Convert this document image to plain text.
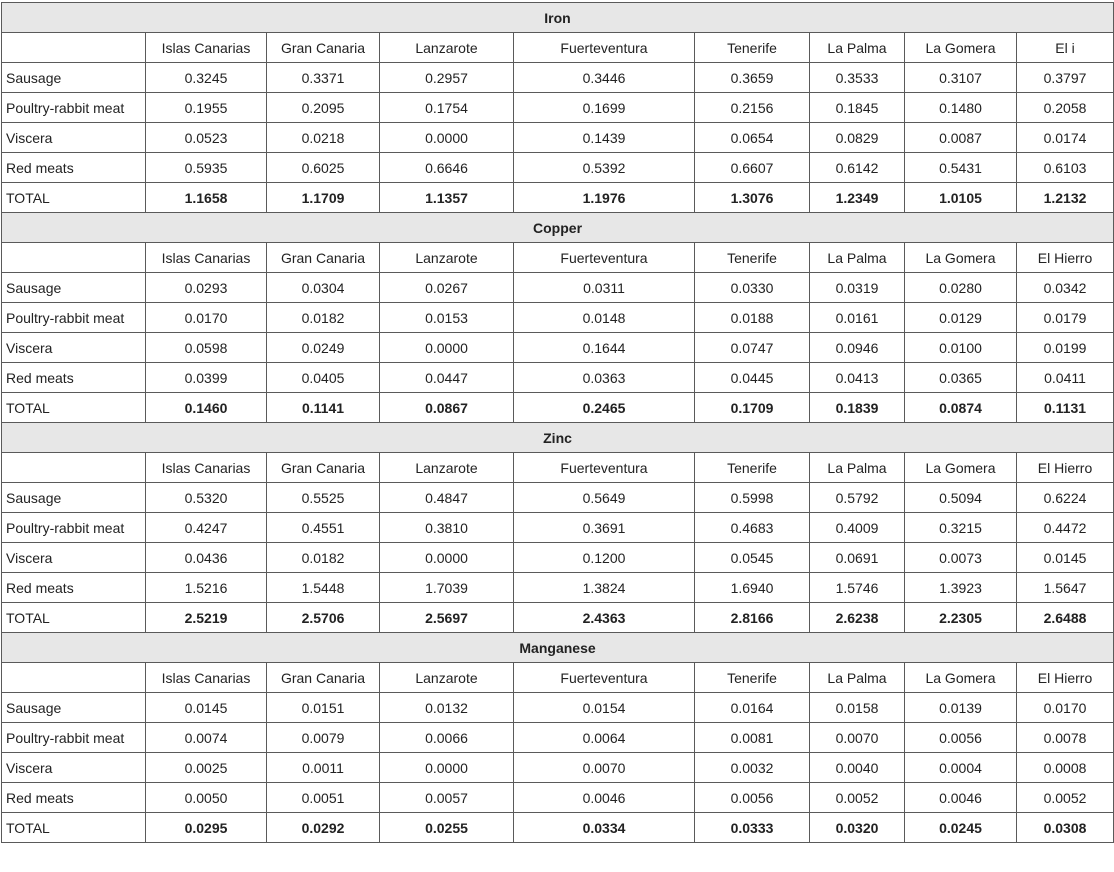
Iron								
	Islas Canarias	Gran Canaria	Lanzarote	Fuerteventura	Tenerife	La Palma	La Gomera	El i
Sausage	0.3245	0.3371	0.2957	0.3446	0.3659	0.3533	0.3107	0.3797
Poultry-rabbit meat	0.1955	0.2095	0.1754	0.1699	0.2156	0.1845	0.1480	0.2058
Viscera	0.0523	0.0218	0.0000	0.1439	0.0654	0.0829	0.0087	0.0174
Red meats	0.5935	0.6025	0.6646	0.5392	0.6607	0.6142	0.5431	0.6103
TOTAL	1.1658	1.1709	1.1357	1.1976	1.3076	1.2349	1.0105	1.2132
Copper								
	Islas Canarias	Gran Canaria	Lanzarote	Fuerteventura	Tenerife	La Palma	La Gomera	El Hierro
Sausage	0.0293	0.0304	0.0267	0.0311	0.0330	0.0319	0.0280	0.0342
Poultry-rabbit meat	0.0170	0.0182	0.0153	0.0148	0.0188	0.0161	0.0129	0.0179
Viscera	0.0598	0.0249	0.0000	0.1644	0.0747	0.0946	0.0100	0.0199
Red meats	0.0399	0.0405	0.0447	0.0363	0.0445	0.0413	0.0365	0.0411
TOTAL	0.1460	0.1141	0.0867	0.2465	0.1709	0.1839	0.0874	0.1131
Zinc								
	Islas Canarias	Gran Canaria	Lanzarote	Fuerteventura	Tenerife	La Palma	La Gomera	El Hierro
Sausage	0.5320	0.5525	0.4847	0.5649	0.5998	0.5792	0.5094	0.6224
Poultry-rabbit meat	0.4247	0.4551	0.3810	0.3691	0.4683	0.4009	0.3215	0.4472
Viscera	0.0436	0.0182	0.0000	0.1200	0.0545	0.0691	0.0073	0.0145
Red meats	1.5216	1.5448	1.7039	1.3824	1.6940	1.5746	1.3923	1.5647
TOTAL	2.5219	2.5706	2.5697	2.4363	2.8166	2.6238	2.2305	2.6488
Manganese								
	Islas Canarias	Gran Canaria	Lanzarote	Fuerteventura	Tenerife	La Palma	La Gomera	El Hierro
Sausage	0.0145	0.0151	0.0132	0.0154	0.0164	0.0158	0.0139	0.0170
Poultry-rabbit meat	0.0074	0.0079	0.0066	0.0064	0.0081	0.0070	0.0056	0.0078
Viscera	0.0025	0.0011	0.0000	0.0070	0.0032	0.0040	0.0004	0.0008
Red meats	0.0050	0.0051	0.0057	0.0046	0.0056	0.0052	0.0046	0.0052
TOTAL	0.0295	0.0292	0.0255	0.0334	0.0333	0.0320	0.0245	0.0308
